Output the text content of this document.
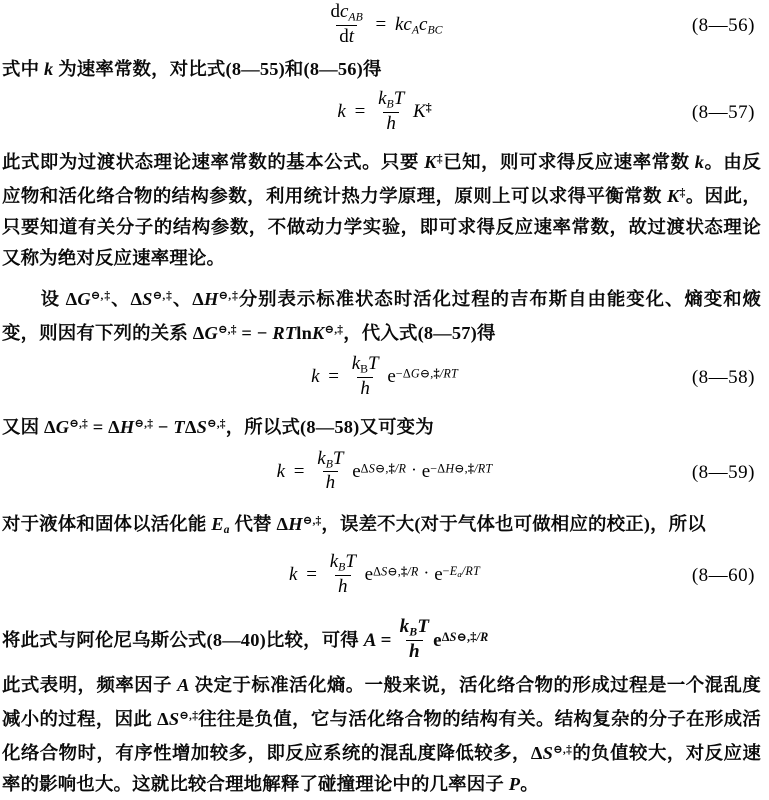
$\frac{dc_{AB}}{dt} = kc_Ac_{BC}$	(8—56)
式中 k 为速率常数，对比式(8—55)和(8—56)得
$k = \frac{k_BT}{h} K^\ddagger$	(8—57)
此式即为过渡状态理论速率常数的基本公式。只要 K‡已知，则可求得反应速率常数 k。由反应物和活化络合物的结构参数，利用统计热力学原理，原则上可以求得平衡常数 K‡。因此，只要知道有关分子的结构参数，不做动力学实验，即可求得反应速率常数，故过渡状态理论又称为绝对反应速率理论。
设 ΔG⊖,‡、ΔS⊖,‡、ΔH⊖,‡分别表示标准状态时活化过程的吉布斯自由能变化、熵变和焲变，则因有下列的关系 ΔG⊖,‡ = − RTlnK⊖,‡，代入式(8—57)得
$k = \frac{k_BT}{h} e^{-\Delta G⊖,\ddagger/RT}$	(8—58)
又因 ΔG⊖,‡ = ΔH⊖,‡ − TΔS⊖,‡，所以式(8—58)又可变为
$k = \frac{k_BT}{h} e^{\Delta S⊖,\ddagger/R} \cdot e^{-\Delta H⊖,\ddagger/RT}$	(8—59)
对于液体和固体以活化能 $E_a$ 代替 ΔH⊖,‡，误差不大(对于气体也可做相应的校正)，所以
$k = \frac{k_BT}{h} e^{\Delta S⊖,\ddagger/R} \cdot e^{-E_a/RT}$	(8—60)
将此式与阿伦尼乌斯公式(8—40)比较，可得 $A = \frac{k_BT}{h} e^{\Delta S⊖,\ddagger/R}$
此式表明，频率因子 A 决定于标准活化熵。一般来说，活化络合物的形成过程是一个混乱度减小的过程，因此 ΔS⊖,‡往往是负值，它与活化络合物的结构有关。结构复杂的分子在形成活化络合物时，有序性增加较多，即反应系统的混乱度降低较多，ΔS⊖,‡的负值较大，对反应速率的影响也大。这就比较合理地解释了碰撞理论中的几率因子 P。
